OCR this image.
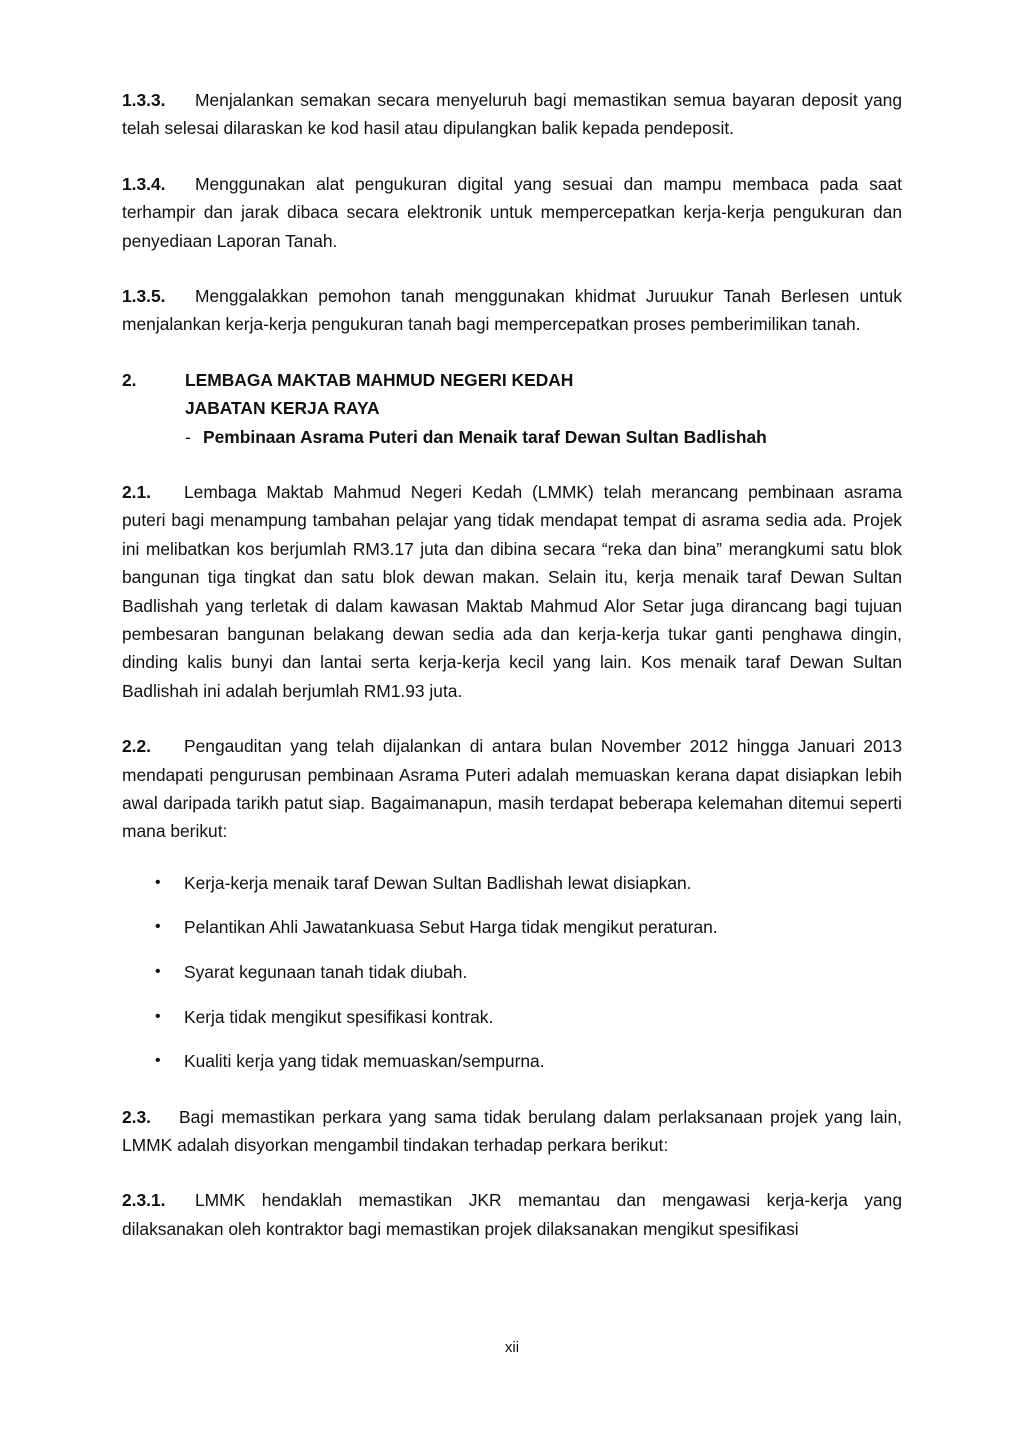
1.3.3. Menjalankan semakan secara menyeluruh bagi memastikan semua bayaran deposit yang telah selesai dilaraskan ke kod hasil atau dipulangkan balik kepada pendeposit.

1.3.4. Menggunakan alat pengukuran digital yang sesuai dan mampu membaca pada saat terhampir dan jarak dibaca secara elektronik untuk mempercepatkan kerja-kerja pengukuran dan penyediaan Laporan Tanah.

1.3.5. Menggalakkan pemohon tanah menggunakan khidmat Juruukur Tanah Berlesen untuk menjalankan kerja-kerja pengukuran tanah bagi mempercepatkan proses pemberimilikan tanah.

2.	LEMBAGA MAKTAB MAHMUD NEGERI KEDAH
JABATAN KERJA RAYA
- Pembinaan Asrama Puteri dan Menaik taraf Dewan Sultan Badlishah

2.1. Lembaga Maktab Mahmud Negeri Kedah (LMMK) telah merancang pembinaan asrama puteri bagi menampung tambahan pelajar yang tidak mendapat tempat di asrama sedia ada. Projek ini melibatkan kos berjumlah RM3.17 juta dan dibina secara “reka dan bina” merangkumi satu blok bangunan tiga tingkat dan satu blok dewan makan. Selain itu, kerja menaik taraf Dewan Sultan Badlishah yang terletak di dalam kawasan Maktab Mahmud Alor Setar juga dirancang bagi tujuan pembesaran bangunan belakang dewan sedia ada dan kerja-kerja tukar ganti penghawa dingin, dinding kalis bunyi dan lantai serta kerja-kerja kecil yang lain. Kos menaik taraf Dewan Sultan Badlishah ini adalah berjumlah RM1.93 juta.

2.2. Pengauditan yang telah dijalankan di antara bulan November 2012 hingga Januari 2013 mendapati pengurusan pembinaan Asrama Puteri adalah memuaskan kerana dapat disiapkan lebih awal daripada tarikh patut siap. Bagaimanapun, masih terdapat beberapa kelemahan ditemui seperti mana berikut:

• Kerja-kerja menaik taraf Dewan Sultan Badlishah lewat disiapkan.
• Pelantikan Ahli Jawatankuasa Sebut Harga tidak mengikut peraturan.
• Syarat kegunaan tanah tidak diubah.
• Kerja tidak mengikut spesifikasi kontrak.
• Kualiti kerja yang tidak memuaskan/sempurna.

2.3. Bagi memastikan perkara yang sama tidak berulang dalam perlaksanaan projek yang lain, LMMK adalah disyorkan mengambil tindakan terhadap perkara berikut:

2.3.1. LMMK hendaklah memastikan JKR memantau dan mengawasi kerja-kerja yang dilaksanakan oleh kontraktor bagi memastikan projek dilaksanakan mengikut spesifikasi

xii
